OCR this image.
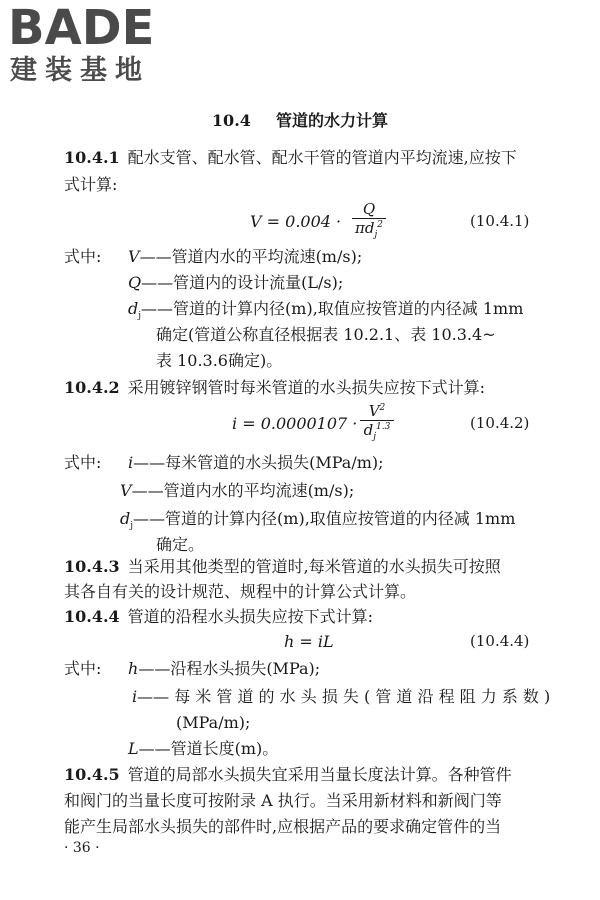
BADE
建装基地
10.4 管道的水力计算
10.4.1 配水支管、配水管、配水干管的管道内平均流速,应按下
式计算:
V = 0.004 ·
Q
$\pi d_j^2$	(10.4.1)
式中: V——管道内水的平均流速(m/s);
Q——管道内的设计流量(L/s);
$d_j——$管道的计算内径(m),取值应按管道的内径减 1mm
确定(管道公称直径根据表 10.2.1、表 10.3.4~
表 10.3.6确定)。
10.4.2 采用镀锌钢管时每米管道的水头损失应按下式计算:
$i = 0.0000107 \cdot \frac{V^2}{d_j^{1.3}}$	(10.4.2)
式中: i——每米管道的水头损失(MPa/m);
V——管道内水的平均流速(m/s);
$d_j——$管道的计算内径(m),取值应按管道的内径减 1mm
确定。
10.4.3 当采用其他类型的管道时,每米管道的水头损失可按照
其各自有关的设计规范、规程中的计算公式计算。
10.4.4 管道的沿程水头损失应按下式计算:
h = iL	(10.4.4)
式中: h——沿程水头损失(MPa);
i—— 每 米 管 道 的 水 头 损 失 ( 管 道 沿 程 阻 力 系 数 )
(MPa/m);
L——管道长度(m)。
10.4.5 管道的局部水头损失宜采用当量长度法计算。各种管件
和阀门的当量长度可按附录 A 执行。当采用新材料和新阀门等
能产生局部水头损失的部件时,应根据产品的要求确定管件的当
· 36 ·
